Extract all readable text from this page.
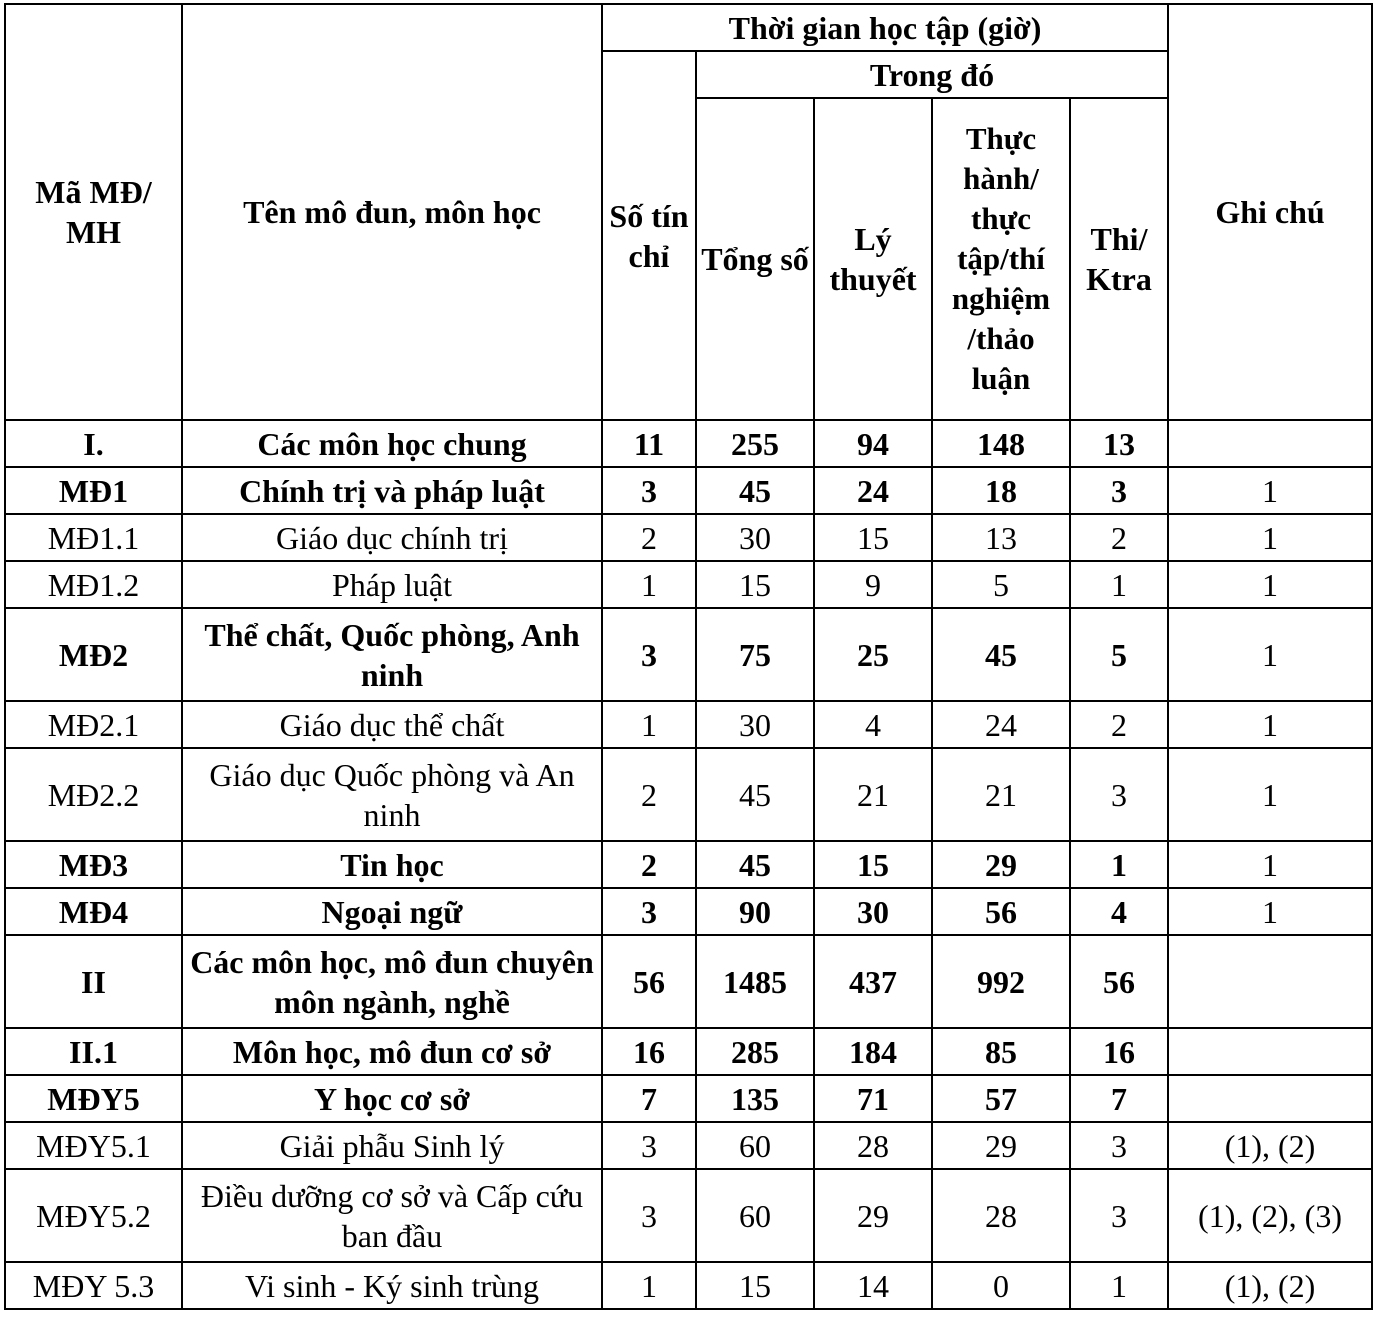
Mã MĐ/ MH	Tên mô đun, môn học	Thời gian học tập (giờ)					Ghi chú
		Số tín chỉ	Trong đó				
			Tổng số	Lý thuyết	Thực hành/ thực tập/thí nghiệm /thảo luận	Thi/ Ktra	
I.	Các môn học chung	11	255	94	148	13	
MĐ1	Chính trị và pháp luật	3	45	24	18	3	1
MĐ1.1	Giáo dục chính trị	2	30	15	13	2	1
MĐ1.2	Pháp luật	1	15	9	5	1	1
MĐ2	Thể chất, Quốc phòng, Anh ninh	3	75	25	45	5	1
MĐ2.1	Giáo dục thể chất	1	30	4	24	2	1
MĐ2.2	Giáo dục Quốc phòng và An ninh	2	45	21	21	3	1
MĐ3	Tin học	2	45	15	29	1	1
MĐ4	Ngoại ngữ	3	90	30	56	4	1
II	Các môn học, mô đun chuyên môn ngành, nghề	56	1485	437	992	56	
II.1	Môn học, mô đun cơ sở	16	285	184	85	16	
MĐY5	Y học cơ sở	7	135	71	57	7	
MĐY5.1	Giải phẫu Sinh lý	3	60	28	29	3	(1), (2)
MĐY5.2	Điều dưỡng cơ sở và Cấp cứu ban đầu	3	60	29	28	3	(1), (2), (3)
MĐY 5.3	Vi sinh - Ký sinh trùng	1	15	14	0	1	(1), (2)
